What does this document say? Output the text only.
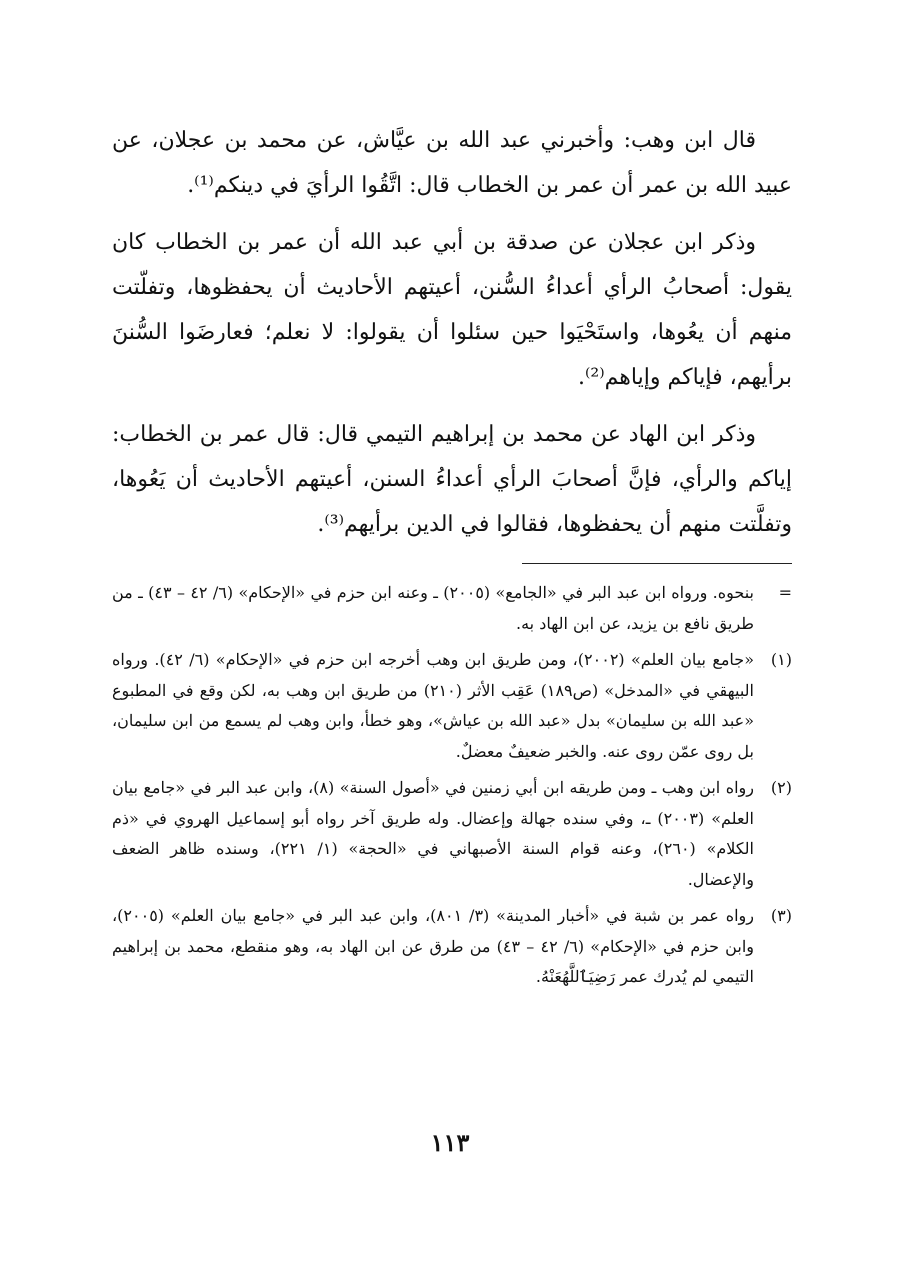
قال ابن وهب: وأخبرني عبد الله بن عيَّاش، عن محمد بن عجلان، عن عبيد الله بن عمر أن عمر بن الخطاب قال: اتَّقُوا الرأيَ في دينكم⁽¹⁾.

وذكر ابن عجلان عن صدقة بن أبي عبد الله أن عمر بن الخطاب كان يقول: أصحابُ الرأي أعداءُ السُّنن، أعيتهم الأحاديث أن يحفظوها، وتفلّتت منهم أن يعُوها، واستَحْيَوا حين سئلوا أن يقولوا: لا نعلم؛ فعارضَوا السُّننَ برأيهم، فإياكم وإياهم⁽²⁾.

وذكر ابن الهاد عن محمد بن إبراهيم التيمي قال: قال عمر بن الخطاب: إياكم والرأي، فإنَّ أصحابَ الرأي أعداءُ السنن، أعيتهم الأحاديث أن يَعُوها، وتفلَّتت منهم أن يحفظوها، فقالوا في الدين برأيهم⁽³⁾.

=
بنحوه. ورواه ابن عبد البر في «الجامع» (٢٠٠٥) ـ وعنه ابن حزم في «الإحكام» (٦/ ٤٢ – ٤٣) ـ من طريق نافع بن يزيد، عن ابن الهاد به.
(١)
«جامع بيان العلم» (٢٠٠٢)، ومن طريق ابن وهب أخرجه ابن حزم في «الإحكام» (٦/ ٤٢). ورواه البيهقي في «المدخل» (ص١٨٩) عَقِب الأثر (٢١٠) من طريق ابن وهب به، لكن وقع في المطبوع «عبد الله بن سليمان» بدل «عبد الله بن عياش»، وهو خطأ، وابن وهب لم يسمع من ابن سليمان، بل روى عمّن روى عنه. والخبر ضعيفٌ معضلٌ.
(٢)
رواه ابن وهب ـ ومن طريقه ابن أبي زمنين في «أصول السنة» (٨)، وابن عبد البر في «جامع بيان العلم» (٢٠٠٣) ـ، وفي سنده جهالة وإعضال. وله طريق آخر رواه أبو إسماعيل الهروي في «ذم الكلام» (٢٦٠)، وعنه قوام السنة الأصبهاني في «الحجة» (١/ ٢٢١)، وسنده ظاهر الضعف والإعضال.
(٣)
رواه عمر بن شبة في «أخبار المدينة» (٣/ ٨٠١)، وابن عبد البر في «جامع بيان العلم» (٢٠٠٥)، وابن حزم في «الإحكام» (٦/ ٤٢ – ٤٣) من طرق عن ابن الهاد به، وهو منقطع، محمد بن إبراهيم التيمي لم يُدرك عمر رَضِيَٱللَّهُعَنْهُ.
١١٣
